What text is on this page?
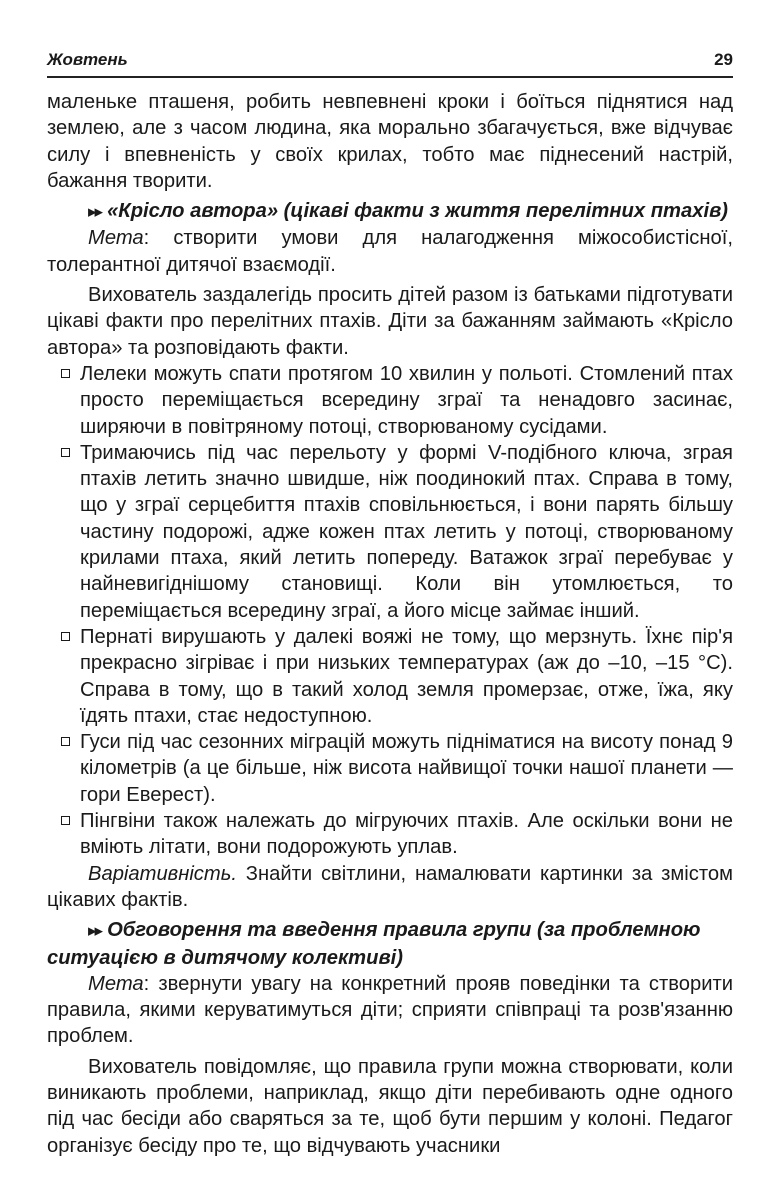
Жовтень	29
маленьке пташеня, робить невпевнені кроки і боїться піднятися над землею, але з часом людина, яка морально збагачується, вже відчуває силу і впевненість у своїх крилах, тобто має піднесений настрій, бажання творити.
▸▸ «Крісло автора» (цікаві факти з життя перелітних птахів)
Мета: створити умови для налагодження міжособистісної, толерантної дитячої взаємодії.
Вихователь заздалегідь просить дітей разом із батьками підготувати цікаві факти про перелітних птахів. Діти за бажанням займають «Крісло автора» та розповідають факти.
Лелеки можуть спати протягом 10 хвилин у польоті. Стомлений птах просто переміщається всередину зграї та ненадовго засинає, ширяючи в повітряному потоці, створюваному сусідами.
Тримаючись під час перельоту у формі V-подібного ключа, зграя птахів летить значно швидше, ніж поодинокий птах. Справа в тому, що у зграї серцебиття птахів сповільнюється, і вони парять більшу частину подорожі, адже кожен птах летить у потоці, створюваному крилами птаха, який летить попереду. Ватажок зграї перебуває у найневигіднішому становищі. Коли він утомлюється, то переміщається всередину зграї, а його місце займає інший.
Пернаті вирушають у далекі вояжі не тому, що мерзнуть. Їхнє пір'я прекрасно зігріває і при низьких температурах (аж до –10, –15 °С). Справа в тому, що в такий холод земля промерзає, отже, їжа, яку їдять птахи, стає недоступною.
Гуси під час сезонних міграцій можуть підніматися на висоту понад 9 кілометрів (а це більше, ніж висота найвищої точки нашої планети — гори Еверест).
Пінгвіни також належать до мігруючих птахів. Але оскільки вони не вміють літати, вони подорожують уплав.
Варіативність. Знайти світлини, намалювати картинки за змістом цікавих фактів.
▸▸ Обговорення та введення правила групи (за проблемною ситуацією в дитячому колективі)
Мета: звернути увагу на конкретний прояв поведінки та створити правила, якими керуватимуться діти; сприяти співпраці та розв'язанню проблем.
Вихователь повідомляє, що правила групи можна створювати, коли виникають проблеми, наприклад, якщо діти перебивають одне одного під час бесіди або сваряться за те, щоб бути першим у колоні. Педагог організує бесіду про те, що відчувають учасники
